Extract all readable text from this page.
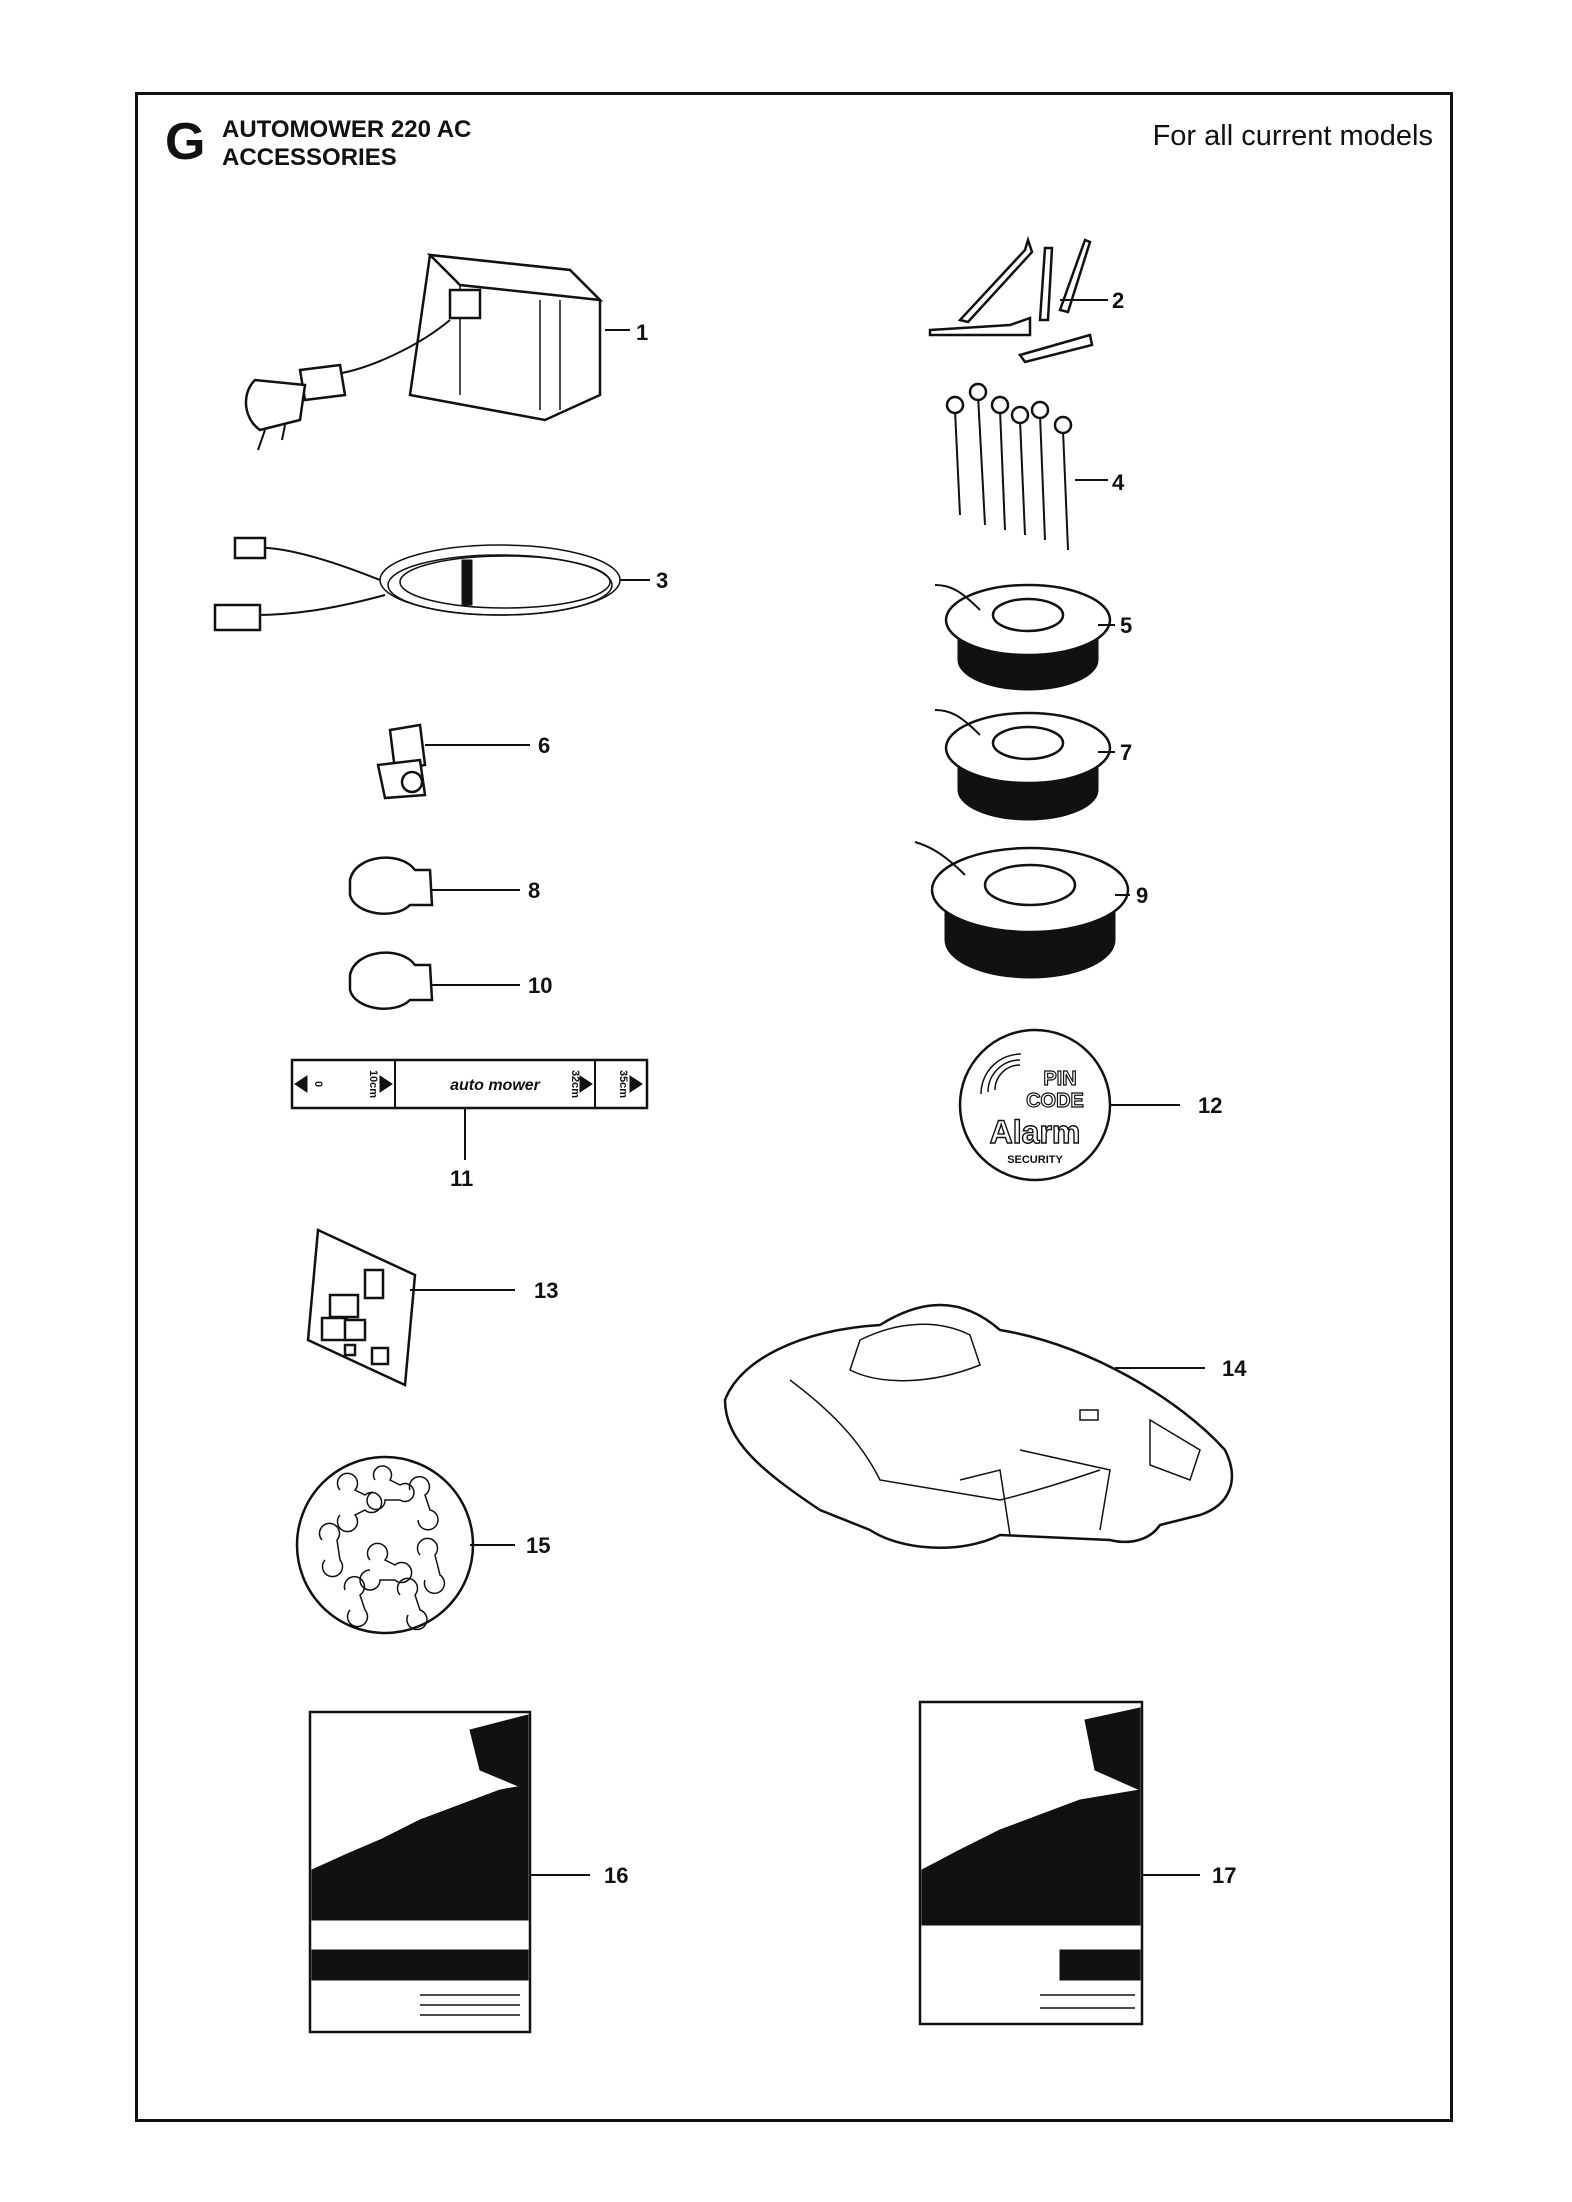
G AUTOMOWER 220 AC
ACCESSORIES
For all current models
0	10cm	32cm	35cm
auto mower	PIN
CODE
Alarm
SECURITY
1
2
3
4
5
6	7
8	9
10
11
12
13
14
15
16	17
